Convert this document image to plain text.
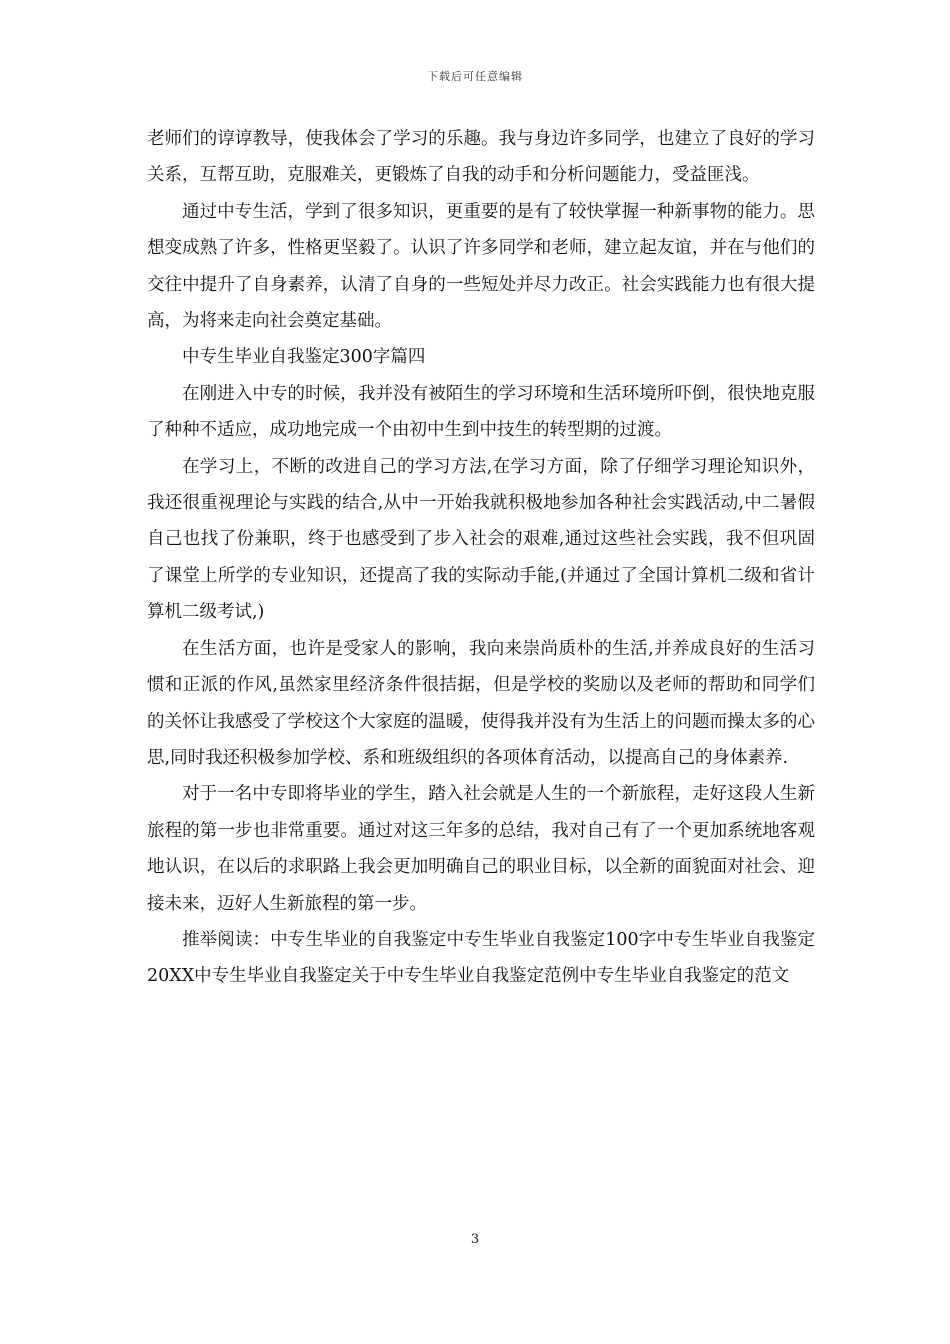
下载后可任意编辑

老师们的谆谆教导，使我体会了学习的乐趣。我与身边许多同学，也建立了良好的学习关系，互帮互助，克服难关，更锻炼了自我的动手和分析问题能力，受益匪浅。

通过中专生活，学到了很多知识，更重要的是有了较快掌握一种新事物的能力。思想变成熟了许多，性格更坚毅了。认识了许多同学和老师，建立起友谊，并在与他们的交往中提升了自身素养，认清了自身的一些短处并尽力改正。社会实践能力也有很大提高，为将来走向社会奠定基础。

中专生毕业自我鉴定300字篇四

在刚进入中专的时候，我并没有被陌生的学习环境和生活环境所吓倒，很快地克服了种种不适应，成功地完成一个由初中生到中技生的转型期的过渡。

在学习上，不断的改进自己的学习方法,在学习方面，除了仔细学习理论知识外，我还很重视理论与实践的结合,从中一开始我就积极地参加各种社会实践活动,中二暑假自己也找了份兼职，终于也感受到了步入社会的艰难,通过这些社会实践，我不但巩固了课堂上所学的专业知识，还提高了我的实际动手能,(并通过了全国计算机二级和省计算机二级考试,)

在生活方面，也许是受家人的影响，我向来崇尚质朴的生活,并养成良好的生活习惯和正派的作风,虽然家里经济条件很拮据，但是学校的奖励以及老师的帮助和同学们的关怀让我感受了学校这个大家庭的温暖，使得我并没有为生活上的问题而操太多的心思,同时我还积极参加学校、系和班级组织的各项体育活动，以提高自己的身体素养.

对于一名中专即将毕业的学生，踏入社会就是人生的一个新旅程，走好这段人生新旅程的第一步也非常重要。通过对这三年多的总结，我对自己有了一个更加系统地客观地认识，在以后的求职路上我会更加明确自己的职业目标，以全新的面貌面对社会、迎接未来，迈好人生新旅程的第一步。

推举阅读：中专生毕业的自我鉴定中专生毕业自我鉴定100字中专生毕业自我鉴定20XX中专生毕业自我鉴定关于中专生毕业自我鉴定范例中专生毕业自我鉴定的范文

3
